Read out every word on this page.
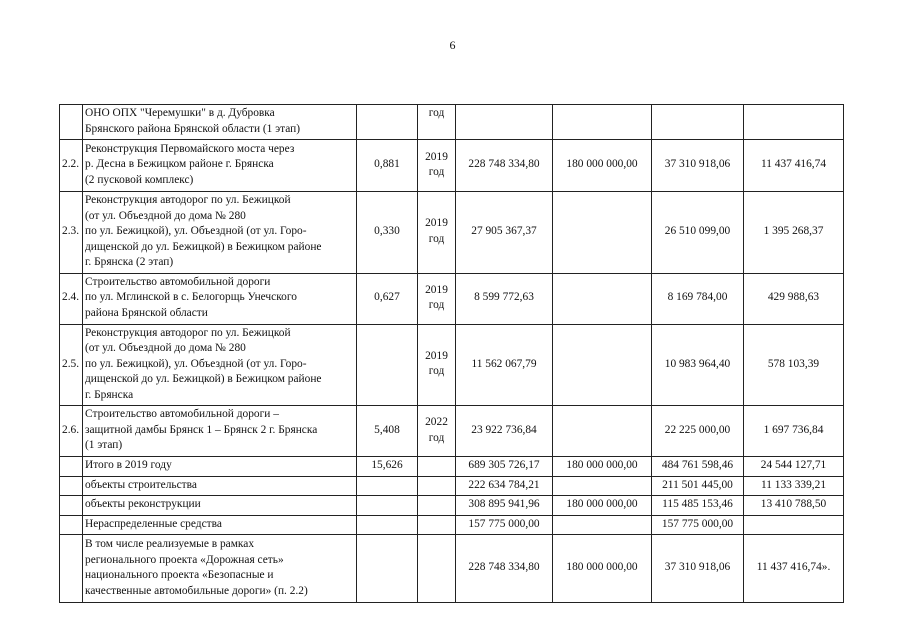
6

	ОНО ОПХ "Черемушки" в д. Дубровка
Брянского района Брянской области (1 этап)		год				

2.2.	Реконструкция Первомайского моста через
р. Десна в Бежицком районе г. Брянска
(2 пусковой комплекс)	0,881	2019
год	228 748 334,80	180 000 000,00	37 310 918,06	11 437 416,74
2.3.	Реконструкция автодорог по ул. Бежицкой
(от ул. Объездной до дома № 280
по ул. Бежицкой), ул. Объездной (от ул. Горо-
дищенской до ул. Бежицкой) в Бежицком районе
г. Брянска (2 этап)	0,330	2019
год	27 905 367,37		26 510 099,00	1 395 268,37
2.4.	Строительство автомобильной дороги
по ул. Мглинской в с. Белогорщь Унечского
района Брянской области	0,627	2019
год	8 599 772,63		8 169 784,00	429 988,63
2.5.	Реконструкция автодорог по ул. Бежицкой
(от ул. Объездной до дома № 280
по ул. Бежицкой), ул. Объездной (от ул. Горо-
дищенской до ул. Бежицкой) в Бежицком районе
г. Брянска		2019
год	11 562 067,79		10 983 964,40	578 103,39
2.6.	Строительство автомобильной дороги –
защитной дамбы Брянск 1 – Брянск 2 г. Брянска
(1 этап)	5,408	2022
год	23 922 736,84		22 225 000,00	1 697 736,84
	Итого в 2019 году	15,626		689 305 726,17	180 000 000,00	484 761 598,46	24 544 127,71
	объекты строительства			222 634 784,21		211 501 445,00	11 133 339,21
	объекты реконструкции			308 895 941,96	180 000 000,00	115 485 153,46	13 410 788,50
	Нераспределенные средства			157 775 000,00		157 775 000,00	

	В том числе реализуемые в рамках
регионального проекта «Дорожная сеть»
национального проекта «Безопасные и
качественные автомобильные дороги» (п. 2.2)			228 748 334,80	180 000 000,00	37 310 918,06	11 437 416,74».
